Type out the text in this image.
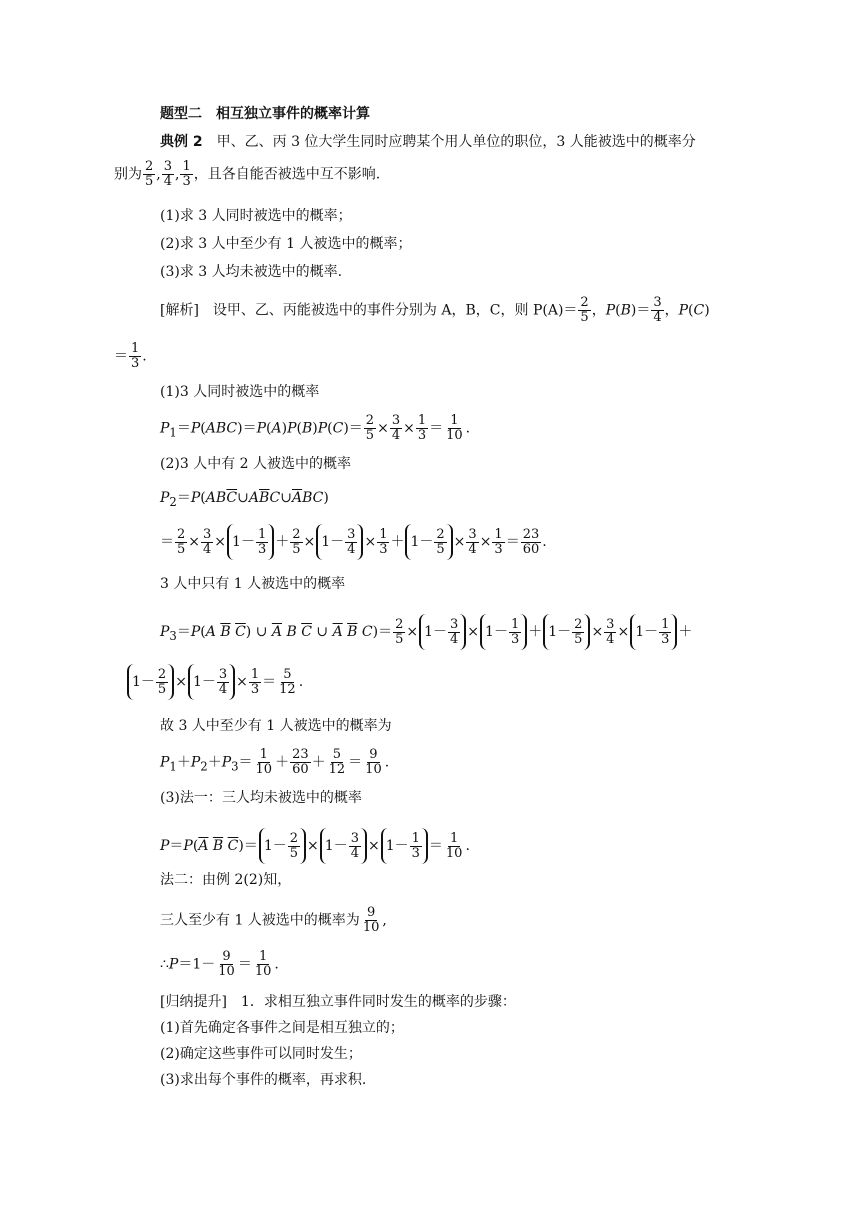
题型二　相互独立事件的概率计算
典例 2　甲、乙、丙 3 位大学生同时应聘某个用人单位的职位，3 人能被选中的概率分
别为 $\frac{2}{5}$ , $\frac{3}{4}$ , $\frac{1}{3}$ ，且各自能否被选中互不影响.
(1)求 3 人同时被选中的概率；
(2)求 3 人中至少有 1 人被选中的概率；
(3)求 3 人均未被选中的概率.
[解析]　设甲、乙、丙能被选中的事件分别为 A，B，C，则 $P(A)= \frac{2}{5}$ ，$P(B)= \frac{3}{4}$ ，P(C)
＝ $\frac{1}{3}$ .
(1)3 人同时被选中的概率
$P_1=P(ABC)=P(A)P(B)P(C)= \frac{2}{5} \times \frac{3}{4} \times \frac{1}{3} = \frac{1}{10}$ .
(2)3 人中有 2 人被选中的概率
$P_2=P(AB\overline{C}\cup A\overline{B}C\cup\overline{A}BC)$
＝ $\frac{2}{5} \times \frac{3}{4} \times 1- \frac{1}{3} + \frac{2}{5} \times 1- \frac{3}{4} \times \frac{1}{3} + 1- \frac{2}{5} \times \frac{3}{4} \times \frac{1}{3} = \frac{23}{60}$ .
3 人中只有 1 人被选中的概率
$P_3=P(A$ $\overline{B}$ $\overline{C}$) ∪ $\overline{A}$ B $\overline{C}$ ∪ $\overline{A}$ $\overline{B}$ $C)= \frac{2}{5} \times 1- \frac{3}{4} \times 1- \frac{1}{3} + 1- \frac{2}{5} \times \frac{3}{4} \times 1- \frac{1}{3}$ ＋
$1- \frac{2}{5} \times 1- \frac{3}{4} \times \frac{1}{3} = \frac{5}{12}$ .
故 3 人中至少有 1 人被选中的概率为
$P_1+P_2+P_3= \frac{1}{10} + \frac{23}{60} + \frac{5}{12} = \frac{9}{10}$ .
(3)法一：三人均未被选中的概率
$P=P(\overline{A}$ $\overline{B}$ $\overline{C})= 1- \frac{2}{5} \times 1- \frac{3}{4} \times 1- \frac{1}{3} = \frac{1}{10}$ .
法二：由例 2(2)知，
三人至少有 1 人被选中的概率为 $\frac{9}{10}$ ,
∴P＝1－ $\frac{9}{10} = \frac{1}{10}$ .
[归纳提升]　1．求相互独立事件同时发生的概率的步骤：
(1)首先确定各事件之间是相互独立的；
(2)确定这些事件可以同时发生；
(3)求出每个事件的概率，再求积.
